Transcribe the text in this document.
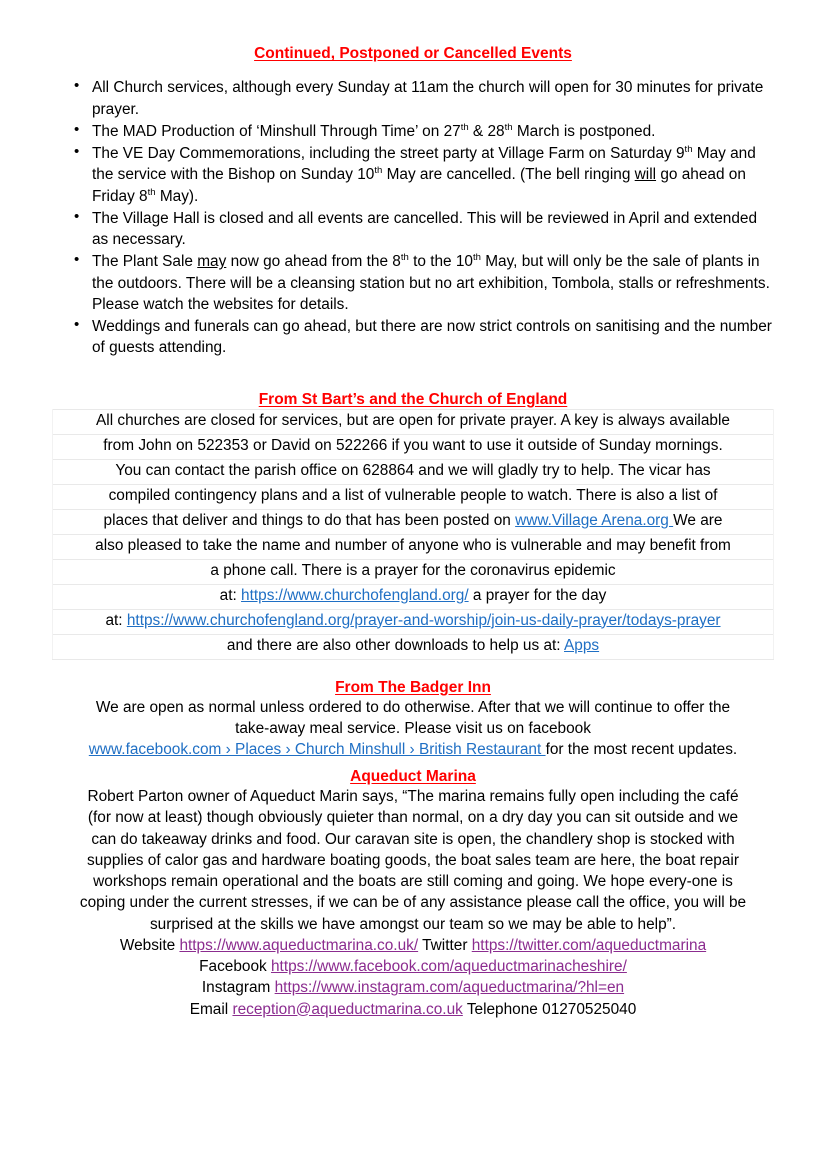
Continued, Postponed or Cancelled Events
• All Church services, although every Sunday at 11am the church will open for 30 minutes for private prayer.
• The MAD Production of ‘Minshull Through Time’ on 27th & 28th March is postponed.
• The VE Day Commemorations, including the street party at Village Farm on Saturday 9th May and the service with the Bishop on Sunday 10th May are cancelled. (The bell ringing will go ahead on Friday 8th May).
• The Village Hall is closed and all events are cancelled. This will be reviewed in April and extended as necessary.
• The Plant Sale may now go ahead from the 8th to the 10th May, but will only be the sale of plants in the outdoors. There will be a cleansing station but no art exhibition, Tombola, stalls or refreshments. Please watch the websites for details.
• Weddings and funerals can go ahead, but there are now strict controls on sanitising and the number of guests attending.
From St Bart’s and the Church of England
All churches are closed for services, but are open for private prayer. A key is always available
from John on 522353 or David on 522266 if you want to use it outside of Sunday mornings.
You can contact the parish office on 628864 and we will gladly try to help. The vicar has
compiled contingency plans and a list of vulnerable people to watch. There is also a list of
places that deliver and things to do that has been posted on www.Village Arena.org We are
also pleased to take the name and number of anyone who is vulnerable and may benefit from
a phone call. There is a prayer for the coronavirus epidemic
at: https://www.churchofengland.org/ a prayer for the day
at: https://www.churchofengland.org/prayer-and-worship/join-us-daily-prayer/todays-prayer
and there are also other downloads to help us at: Apps
From The Badger Inn
We are open as normal unless ordered to do otherwise. After that we will continue to offer the
take-away meal service. Please visit us on facebook
www.facebook.com › Places › Church Minshull › British Restaurant for the most recent updates.
Aqueduct Marina
Robert Parton owner of Aqueduct Marin says, “The marina remains fully open including the café
(for now at least) though obviously quieter than normal, on a dry day you can sit outside and we
can do takeaway drinks and food. Our caravan site is open, the chandlery shop is stocked with
supplies of calor gas and hardware boating goods, the boat sales team are here, the boat repair
workshops remain operational and the boats are still coming and going. We hope every-one is
coping under the current stresses, if we can be of any assistance please call the office, you will be
surprised at the skills we have amongst our team so we may be able to help”.
Website https://www.aqueductmarina.co.uk/ Twitter https://twitter.com/aqueductmarina
Facebook https://www.facebook.com/aqueductmarinacheshire/
Instagram https://www.instagram.com/aqueductmarina/?hl=en
Email reception@aqueductmarina.co.uk Telephone 01270525040
